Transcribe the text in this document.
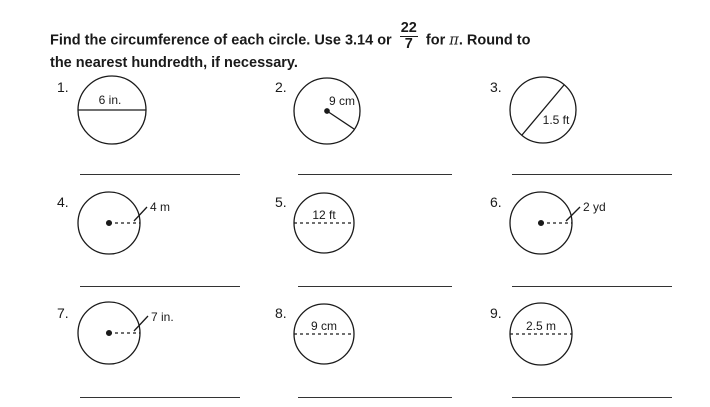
Find the circumference of each circle. Use 3.14 or $\frac{22}{7}$ for π. Round to
the nearest hundredth, if necessary.
1.	2.	3.
4.	5.	6.
7.	8.	9.
6 in.	9 cm
1.5 ft
4 m
12 ft
2 yd
7 in.
9 cm	2.5 m
